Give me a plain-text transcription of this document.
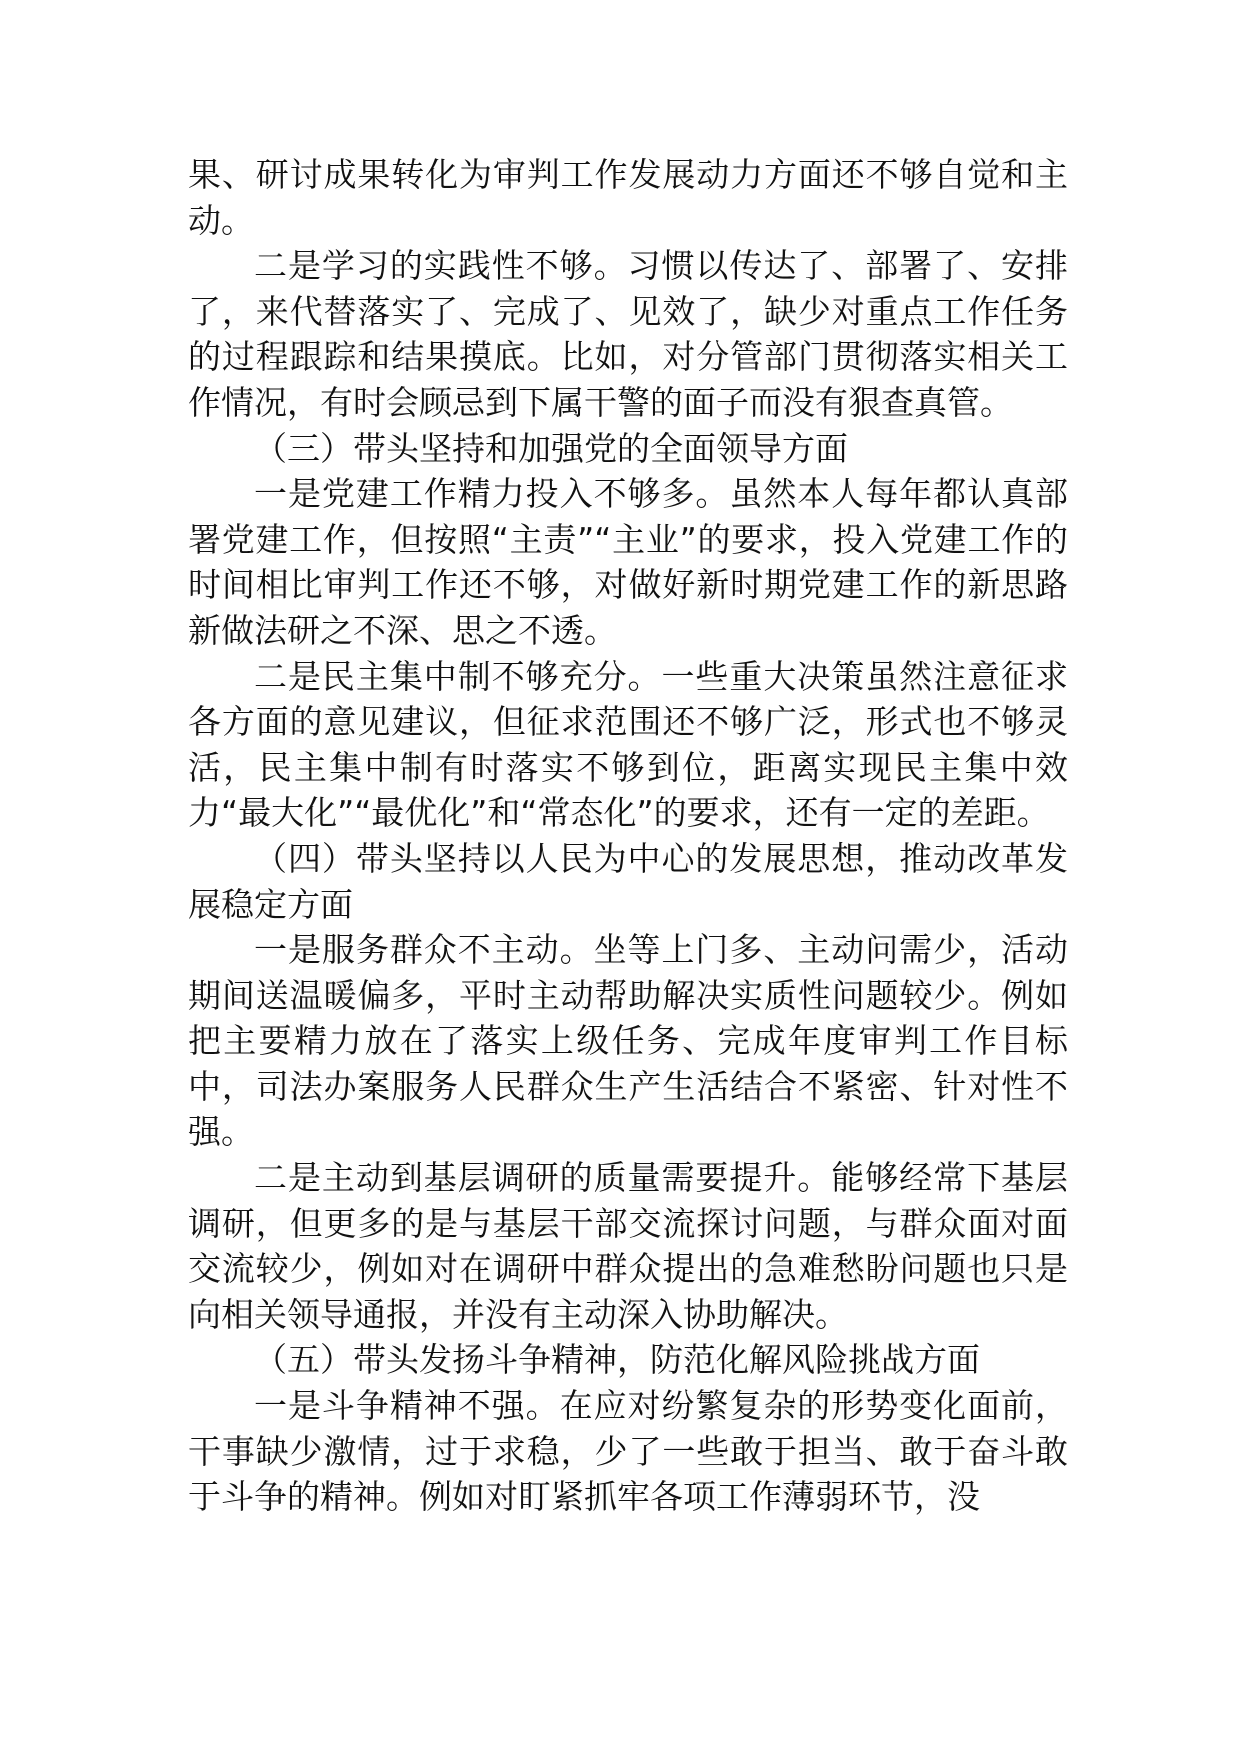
果、研讨成果转化为审判工作发展动力方面还不够自觉和主动。

二是学习的实践性不够。习惯以传达了、部署了、安排了，来代替落实了、完成了、见效了，缺少对重点工作任务的过程跟踪和结果摸底。比如，对分管部门贯彻落实相关工作情况，有时会顾忌到下属干警的面子而没有狠查真管。

（三）带头坚持和加强党的全面领导方面

一是党建工作精力投入不够多。虽然本人每年都认真部署党建工作，但按照“主责”“主业”的要求，投入党建工作的时间相比审判工作还不够，对做好新时期党建工作的新思路新做法研之不深、思之不透。

二是民主集中制不够充分。一些重大决策虽然注意征求各方面的意见建议，但征求范围还不够广泛，形式也不够灵活，民主集中制有时落实不够到位，距离实现民主集中效力“最大化”“最优化”和“常态化”的要求，还有一定的差距。

（四）带头坚持以人民为中心的发展思想，推动改革发展稳定方面

一是服务群众不主动。坐等上门多、主动问需少，活动期间送温暖偏多，平时主动帮助解决实质性问题较少。例如把主要精力放在了落实上级任务、完成年度审判工作目标中，司法办案服务人民群众生产生活结合不紧密、针对性不强。

二是主动到基层调研的质量需要提升。能够经常下基层调研，但更多的是与基层干部交流探讨问题，与群众面对面交流较少，例如对在调研中群众提出的急难愁盼问题也只是向相关领导通报，并没有主动深入协助解决。

（五）带头发扬斗争精神，防范化解风险挑战方面

一是斗争精神不强。在应对纷繁复杂的形势变化面前，干事缺少激情，过于求稳，少了一些敢于担当、敢于奋斗敢于斗争的精神。例如对盯紧抓牢各项工作薄弱环节，没
